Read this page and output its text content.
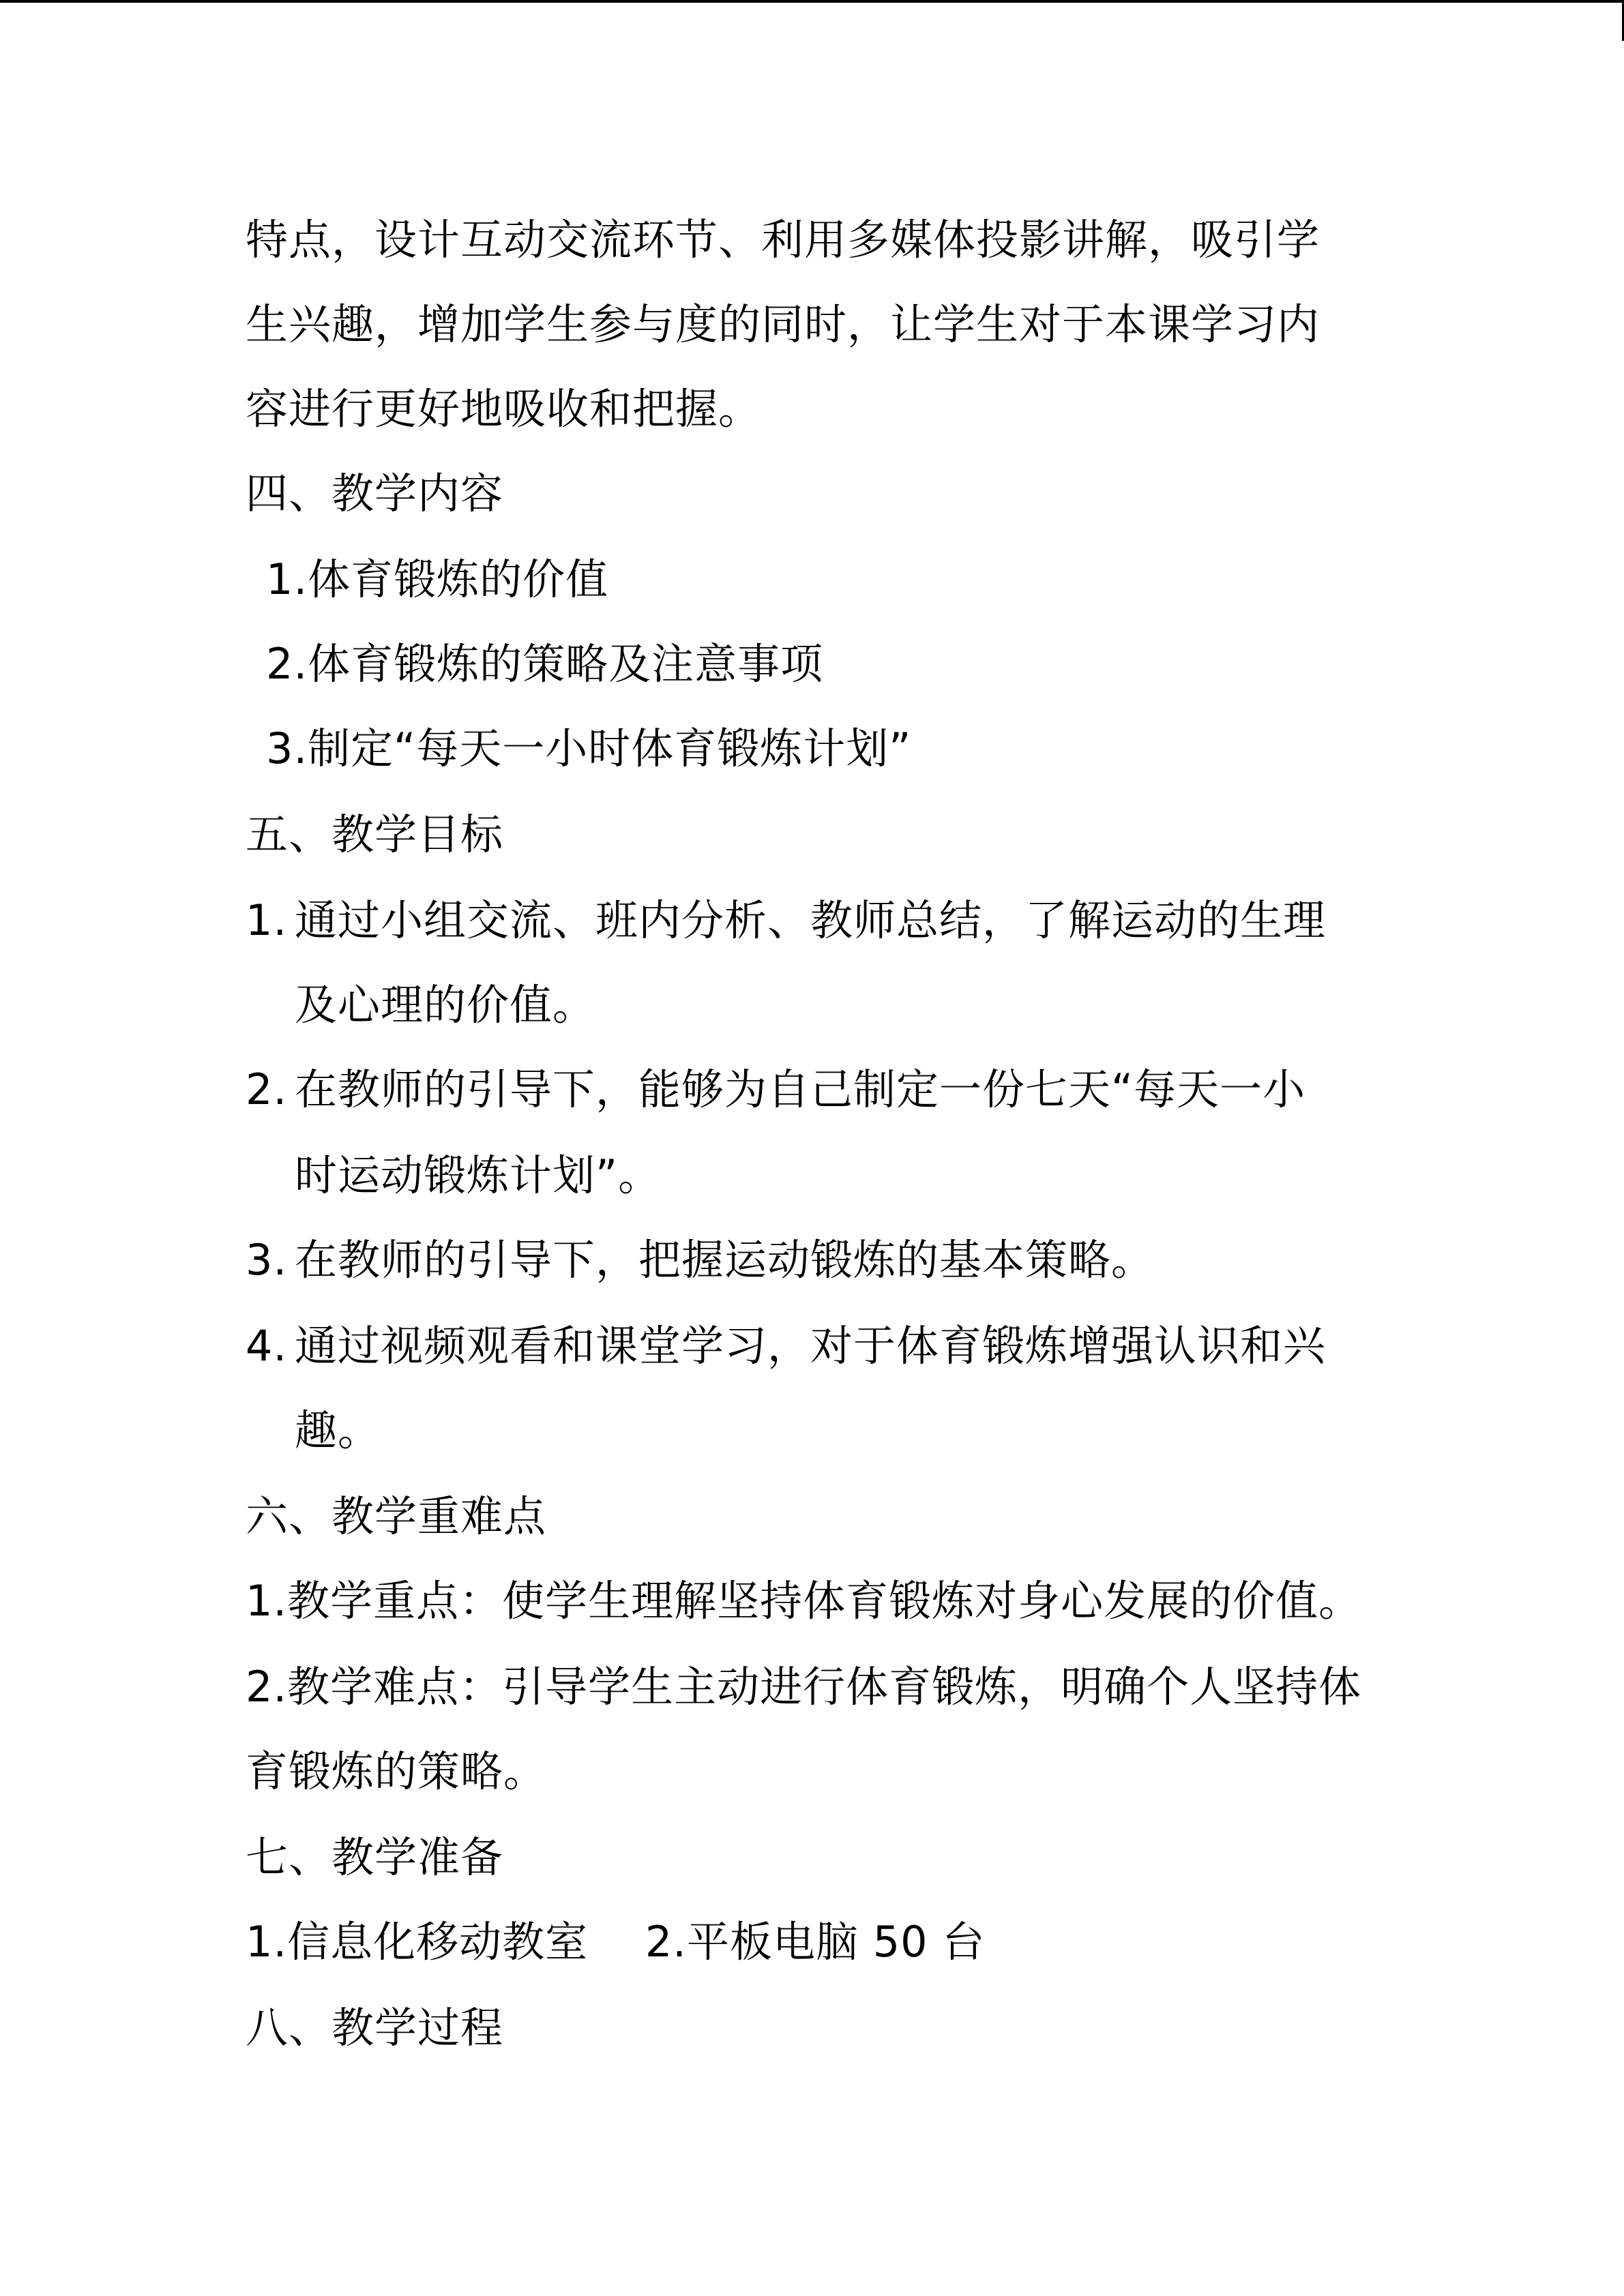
特点，设计互动交流环节、利用多媒体投影讲解，吸引学
生兴趣，增加学生参与度的同时，让学生对于本课学习内
容进行更好地吸收和把握。
四、教学内容
1.体育锻炼的价值
2.体育锻炼的策略及注意事项
3.制定“每天一小时体育锻炼计划”
五、教学目标
1. 通过小组交流、班内分析、教师总结，了解运动的生理
及心理的价值。
2. 在教师的引导下，能够为自己制定一份七天“每天一小
时运动锻炼计划”。
3. 在教师的引导下，把握运动锻炼的基本策略。
4. 通过视频观看和课堂学习，对于体育锻炼增强认识和兴
趣。
六、教学重难点
1.教学重点：使学生理解坚持体育锻炼对身心发展的价值。
2.教学难点：引导学生主动进行体育锻炼，明确个人坚持体
育锻炼的策略。
七、教学准备
1.信息化移动教室　 2.平板电脑 50 台
八、教学过程
